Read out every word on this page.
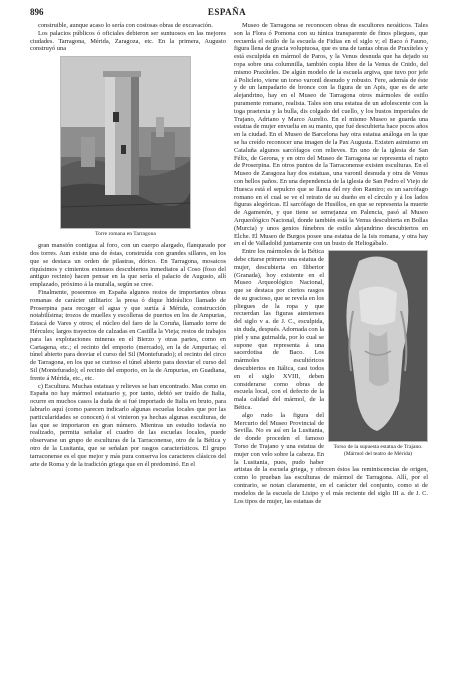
896	ESPAÑA

construible, aunque acaso lo sería con costosas obras de excavación.

Los palacios públicos ó oficiales debieron ser suntuosos en las mejores ciudades. Tarragona, Mérida, Zaragoza, etc. En la primera, Augusto construyó una

Torre romana en Tarragona

gran mansión contigua al foro, con un cuerpo alargado, flanqueado por dos torres. Aun existe una de éstas, construída con grandes sillares, en los que se destaca un orden de pilastras, dórico. En Tarragona, mosaicos riquísimos y cimientos extensos descubiertos inmediatos al Coso (foso del antiguo recinto) hacen pensar en la que sería el palacio de Augusto, allí emplazado, próximo á la muralla, según se cree.

Finalmente, poseemos en España algunos restos de importantes obras romanas de carácter utilitario: la presa ó dique hidráulico llamado de Proserpina para recoger el agua y que surtía á Mérida, construcción notabilísima; trozos de muelles y escolleras de puertos en los de Ampurias, Estacá de Vares y otros; el núcleo del faro de la Coruña, llamado torre de Hércules; largos trayectos de calzadas en Castilla la Vieja; restos de trabajos para las explotaciones mineras en el Bierzo y otras partes, como en Cartagena, etc.; el recinto del emporio (mercado), en la de Ampurias; el túnel abierto para desviar el curso del Sil (Montefurado); el recinto del circo de Tarragona, en los que se curioso el túnel abierto para desviar el curso del Sil (Montefurado); el recinto del emporio, en la de Ampurias, en Guadiana, frente á Mérida, etc., etc.

c) Escultura. Muchas estatuas y relieves se han encontrado. Mas como en España no hay mármol estatuario y, por tanto, debió ser traído de Italia, ocurre en muchos casos la duda de si fué importado de Italia en bruto, para labrarlo aquí (como parecen indicarlo algunas escuelas locales que por las particularidades se conocen) ó si vinieron ya hechas algunas esculturas, de las que se importaron en gran número. Mientras un estudio todavía no realizado, permita señalar el cuadro de las escuelas locales, puede observarse un grupo de esculturas de la Tarraconense, otro de la Bética y otro de la Lusitania, que se señalan por rasgos característicos. El grupo tarraconense es el que mejor y más pura conserva los caracteres clásicos del arte de Roma y de la tradición griega que en él predominó. En el

Museo de Tarragona se reconocen obras de escultores neoáticos. Tales son la Flora ó Pomona con su túnica transparente de finos pliegues, que recuerda el estilo de la escuela de Fidias en el siglo v; el Baco ó Fauno, figura llena de gracia voluptuosa, que es una de tantas obras de Praxíteles y está esculpida en mármol de Paros, y la Venus desnuda que ha dejado su ropa sobre una columnilla, también copia libre de la Venus de Cnido, del mismo Praxíteles. De algún modelo de la escuela argiva, que tuvo por jefe á Policleto, viene un torso varonil desnudo y robusto. Fere, además de éste y de un lampadario de bronce con la figura de un Apis, que es de arte alejandrino, hay en el Museo de Tarragona otros mármoles de estilo puramente romano, realista. Tales son una estatua de un adolescente con la toga praetexta y la bulla, dis colgado del cuello, y los bustos imperiales de Trajano, Adriano y Marco Aurelio. En el mismo Museo se guarda una estatua de mujer envuelta en su manto, que fué descubierta hace pocos años en la ciudad. En el Museo de Barcelona hay otra estatua análoga en la que se ha creído reconocer una imagen de la Pax Augusta. Existen asimismo en Cataluña algunos sarcófagos con relieves. En uno de la iglesia de San Félix, de Gerona, y en otro del Museo de Tarragona se representa el rapto de Proserpina. En otros puntos de la Tarraconense existen esculturas. En el Museo de Zaragoza hay dos estatuas, una varonil desnuda y otra de Venus con bellos paños. En una dependencia de la iglesia de San Pedro el Viejo de Huesca está el sepulcro que se llama del rey don Ramiro; es un sarcófago romano en el cual se ve el retrato de su dueño en el círculo y á los lados figuras alegóricas. El sarcófago de Husillos, en que se representa la muerte de Agamenón, y que tiene se semejanza en Palencia, pasó al Museo Arqueológico Nacional, donde también está la Venus descubierta en Bollas (Murcia) y unos genios fúnebres de estilo alejandrino descubiertos en Elche. El Museo de Burgos posee una estatua de la Isis romana, y otra hay en el de Valladolid juntamente con un busto de Heliogábalo.

Torso de la supuesta estatua de Trajano. (Mármol del teatro de Mérida)

Entre los mármoles de la Bética debe citarse primero una estatua de mujer, descubierta en Iliberior (Granada), hoy existente en el Museo Arqueológico Nacional, que se destaca por ciertos rasgos de su gracioso, que se revela en los pliegues de la ropa y que recuerdan las figuras atenienses del siglo v a. de J. C., esculpida, sin duda, después. Adornada con la piel y una guirnalda, por lo cual se supone que representa á una sacerdotisa de Baco. Los mármoles escultóricos descubiertos en Itálica, casi todos en el siglo XVIII, deben considerarse como obras de escuela local, con el defecto de la mala calidad del mármol, de la Bética.

algo rudo la figura del Mercurio del Museo Provincial de Sevilla. No es así en la Lusitania, de donde proceden el famoso Torso de Trajano y una estatua de mujer con velo sobre la cabeza. En la Lusitania, pues, pudo haber artistas de la escuela griega, y ofrecen éstos las reminiscencias de origen, como lo prueban las esculturas de mármol de Tarragona. Allí, por el contrario, se notan claramente, en el carácter del conjunto, como si de modelos de la escuela de Lisipo y el más reciente del siglo III a. de J. C. Los tipos de mujer, las estatuas de
